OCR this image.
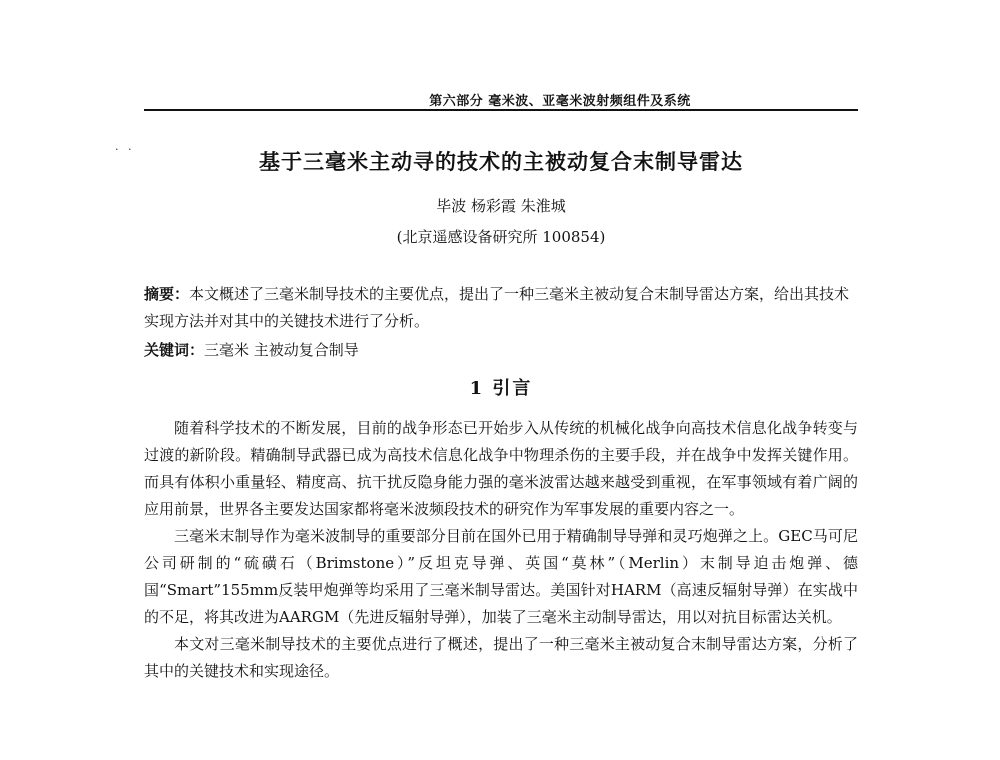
第六部分 毫米波、亚毫米波射频组件及系统
· ·	基于三毫米主动寻的技术的主被动复合末制导雷达
毕波 杨彩霞 朱淮城
(北京遥感设备研究所 100854)
摘要：本文概述了三毫米制导技术的主要优点，提出了一种三毫米主被动复合末制导雷达方案，给出其技术实现方法并对其中的关键技术进行了分析。
关键词：三毫米 主被动复合制导
1 引言

随着科学技术的不断发展，目前的战争形态已开始步入从传统的机械化战争向高技术信息化战争转变与过渡的新阶段。精确制导武器已成为高技术信息化战争中物理杀伤的主要手段，并在战争中发挥关键作用。而具有体积小重量轻、精度高、抗干扰反隐身能力强的毫米波雷达越来越受到重视，在军事领域有着广阔的应用前景，世界各主要发达国家都将毫米波频段技术的研究作为军事发展的重要内容之一。

三毫米末制导作为毫米波制导的重要部分目前在国外已用于精确制导导弹和灵巧炮弹之上。GEC马可尼公司研制的“硫磺石（Brimstone）”反坦克导弹、英国“莫林”（Merlin）末制导迫击炮弹、德国“Smart”155mm反装甲炮弹等均采用了三毫米制导雷达。美国针对HARM（高速反辐射导弹）在实战中的不足，将其改进为AARGM（先进反辐射导弹），加装了三毫米主动制导雷达，用以对抗目标雷达关机。

本文对三毫米制导技术的主要优点进行了概述，提出了一种三毫米主被动复合末制导雷达方案，分析了其中的关键技术和实现途径。
